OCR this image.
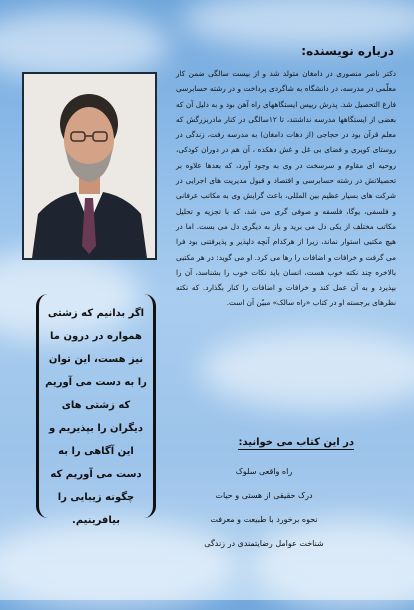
درباره نویسنده:

دکتر ناصر منصوری در دامغان متولد شد و از بیست سالگی ضمن کار معلّمی در مدرسه، در دانشگاه به شاگردی پرداخت و در رشته حسابرسی فارغ التحصیل شد. پدرش رییس ایستگاههای راه آهن بود و به دلیل آن که بعضی از ایستگاهها مدرسه نداشتند، تا ۱۲سالگی در کنار مادربزرگش که معلم قرآن بود در حجاجی (از دهات دامغان) به مدرسه رفت، زندگی در روستای کویری و فضای بی غل و غش دهکده ، آن هم در دوران کودکی، روحیه ای مقاوم و سرسخت در وی به وجود آورد، که بعدها علاوه بر تحصیلاتش در رشته حسابرسی و اقتصاد و قبول مدیریت های اجرایی در شرکت های بسیار عظیم بین المللی، باعث گرایش وی به مکاتب عرفانی و فلسفی، یوگا، فلسفه و صوفی گری می شد، که با تجزیه و تحلیل مکاتب مختلف از یکی دل می برید و باز به دیگری دل می بست. اما در هیچ مکتبی استوار نماند، زیرا از هرکدام آنچه دلپذیر و پذیرفتنی بود فرا می گرفت و خرافات و اضافات را رها می کرد. او می گوید: در هر مکتبی بالاخره چند نکته خوب هست، انسان باید نکات خوب را بشناسد، آن را بپذیرد و به آن عمل کند و خرافات و اضافات را کنار بگذارد. که نکته نظرهای برجسته او در کتاب «راه سالک» مبیّن آن است.

اگر بدانیم که زشتی همواره در درون ما نیز هست، این توان را به دست می آوریم که زشتی های دیگران را بپذیریم و این آگاهی را به دست می آوریم که چگونه زیبایی را بیافرینیم.

در این کتاب می خوانید:
راه واقعی سلوک
درک حقیقی از هستی و حیات
نحوه برخورد با طبیعت و معرفت
شناخت عوامل رضایتمندی در زندگی
